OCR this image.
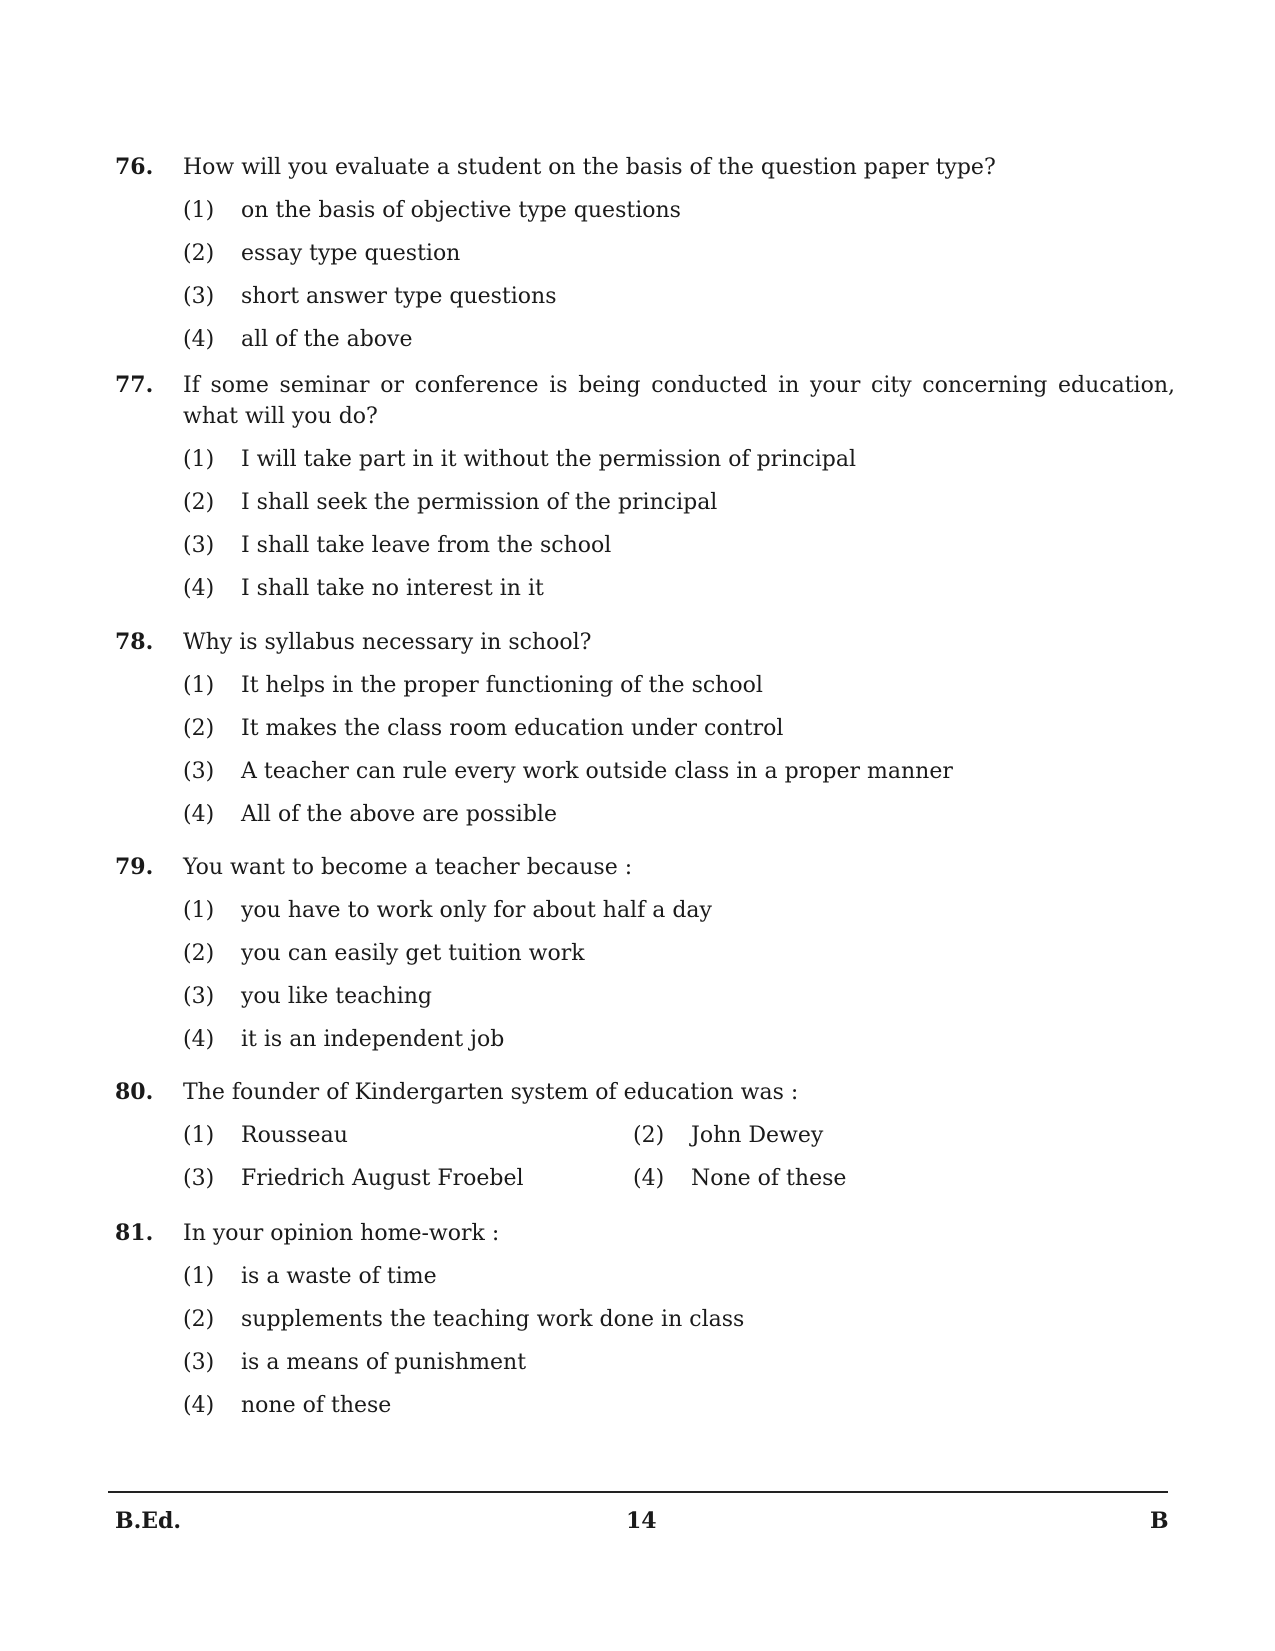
76. How will you evaluate a student on the basis of the question paper type?
(1) on the basis of objective type questions
(2) essay type question
(3) short answer type questions
(4) all of the above
77. If some seminar or conference is being conducted in your city concerning education, what will you do?
(1) I will take part in it without the permission of principal
(2) I shall seek the permission of the principal
(3) I shall take leave from the school
(4) I shall take no interest in it
78. Why is syllabus necessary in school?
(1) It helps in the proper functioning of the school
(2) It makes the class room education under control
(3) A teacher can rule every work outside class in a proper manner
(4) All of the above are possible
79. You want to become a teacher because :
(1) you have to work only for about half a day
(2) you can easily get tuition work
(3) you like teaching
(4) it is an independent job
80. The founder of Kindergarten system of education was :
(1) Rousseau	(2) John Dewey

(3) Friedrich August Froebel	(4) None of these
81. In your opinion home-work :
(1) is a waste of time
(2) supplements the teaching work done in class
(3) is a means of punishment
(4) none of these
B.Ed.	14	B
